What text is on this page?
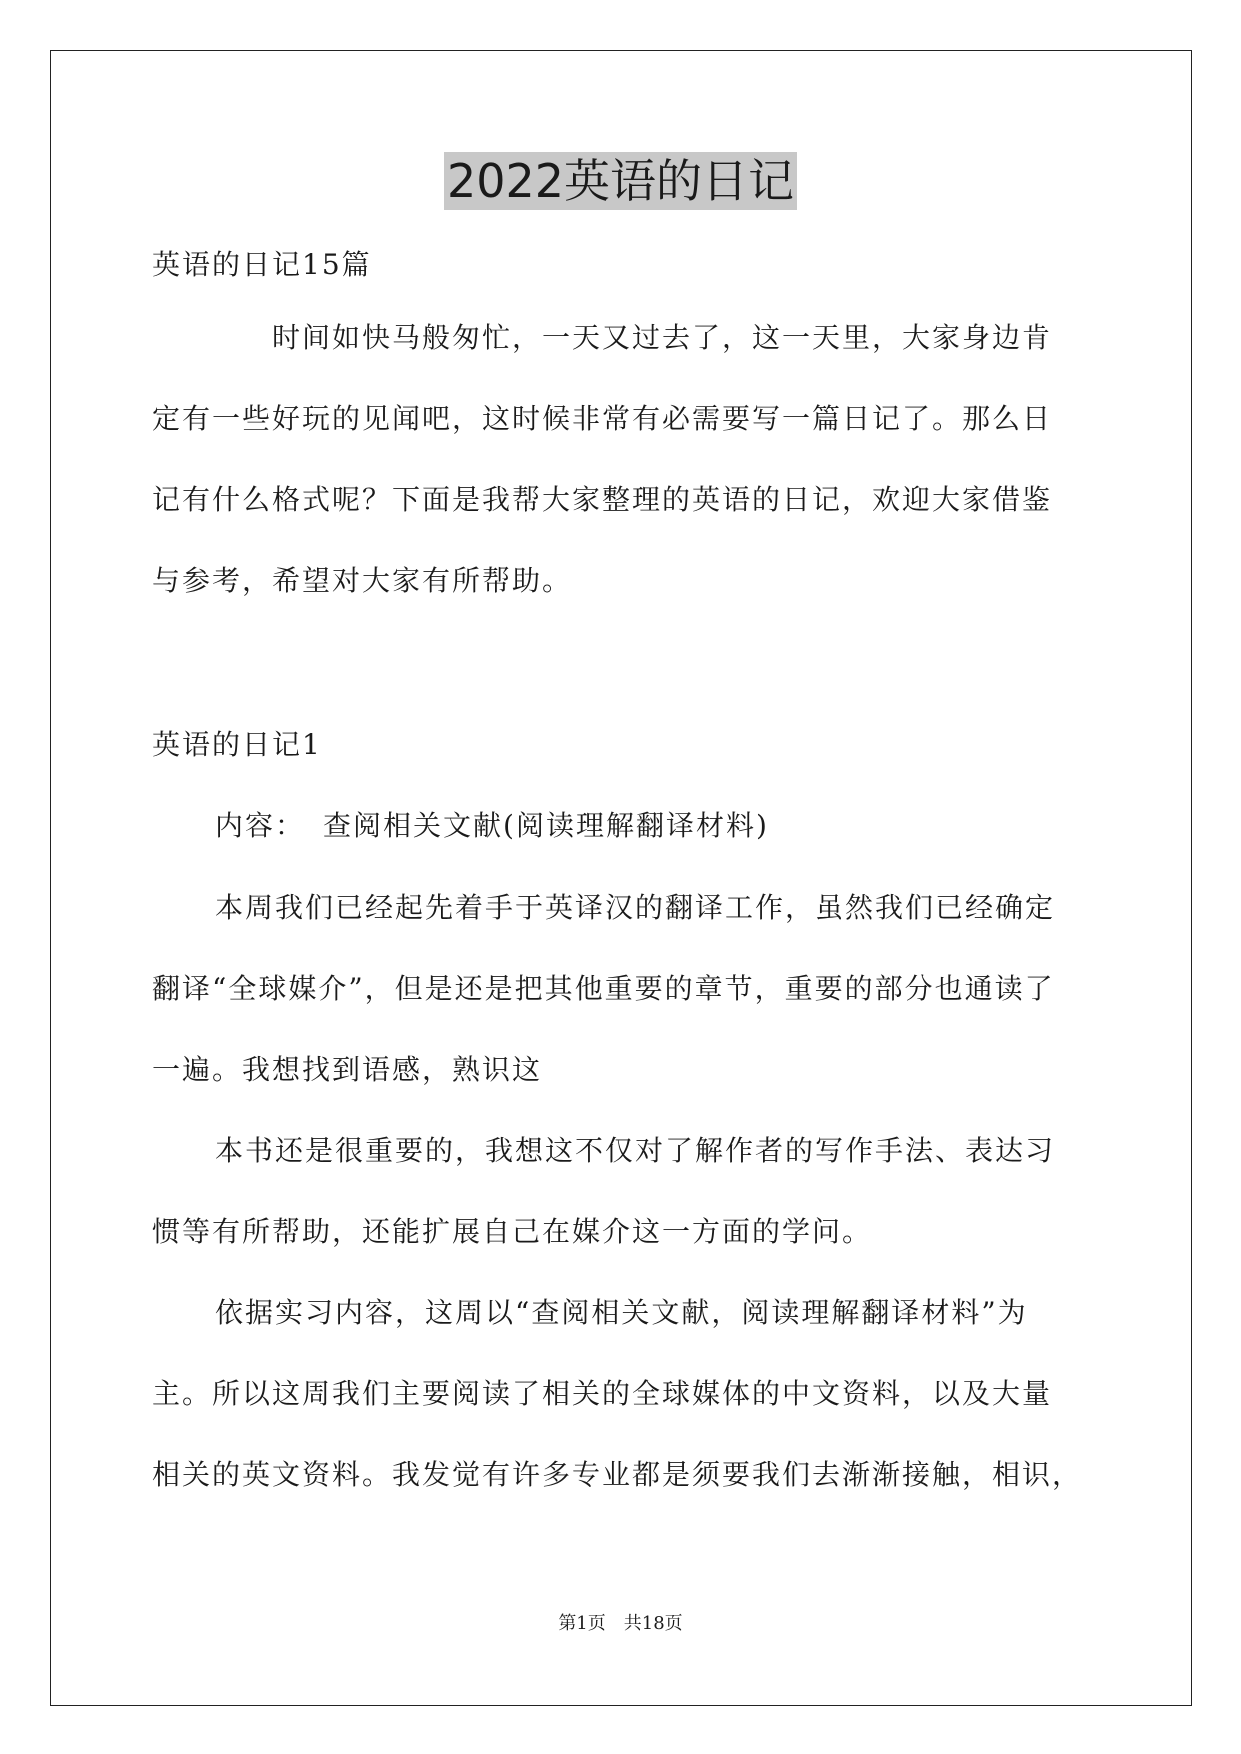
2022英语的日记
英语的日记15篇
时间如快马般匆忙，一天又过去了，这一天里，大家身边肯
定有一些好玩的见闻吧，这时候非常有必需要写一篇日记了。那么日
记有什么格式呢？下面是我帮大家整理的英语的日记，欢迎大家借鉴
与参考，希望对大家有所帮助。
英语的日记1
内容： 查阅相关文献(阅读理解翻译材料)
本周我们已经起先着手于英译汉的翻译工作，虽然我们已经确定
翻译“全球媒介”，但是还是把其他重要的章节，重要的部分也通读了
一遍。我想找到语感，熟识这
本书还是很重要的，我想这不仅对了解作者的写作手法、表达习
惯等有所帮助，还能扩展自己在媒介这一方面的学问。
依据实习内容，这周以“查阅相关文献，阅读理解翻译材料”为
主。所以这周我们主要阅读了相关的全球媒体的中文资料，以及大量
相关的英文资料。我发觉有许多专业都是须要我们去渐渐接触，相识，
第1页　共18页
